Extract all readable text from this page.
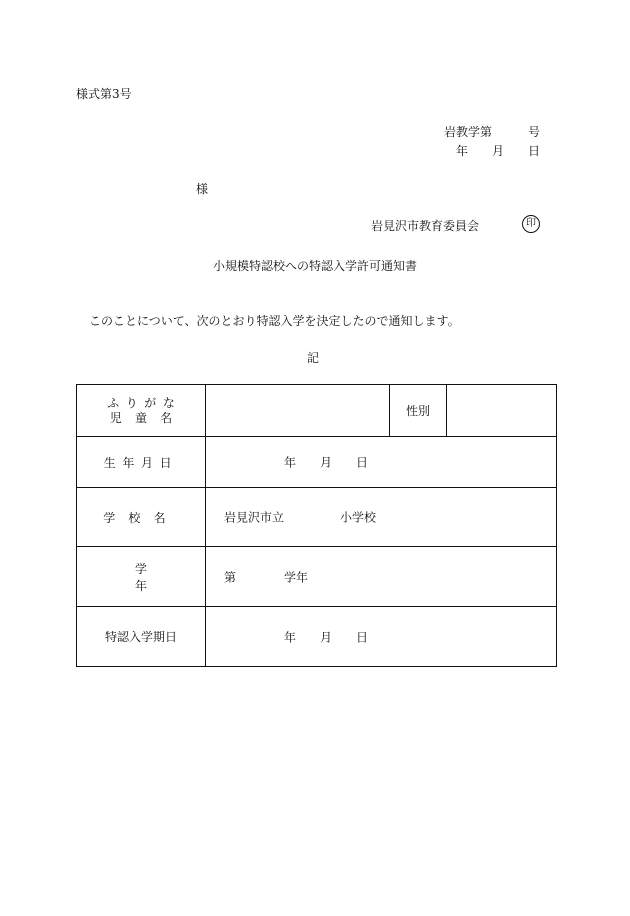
様式第3号
岩教学第	号
年 月 日
様
岩見沢市教育委員会	印
小規模特認校への特認入学許可通知書
このことについて、次のとおり特認入学を決定したので通知します。
記
ふりがな
児童名		性別	
生年月日	年 月 日		

学校名	岩見沢市立 小学校		

学年	第 学年		

特認入学期日	年 月 日		
